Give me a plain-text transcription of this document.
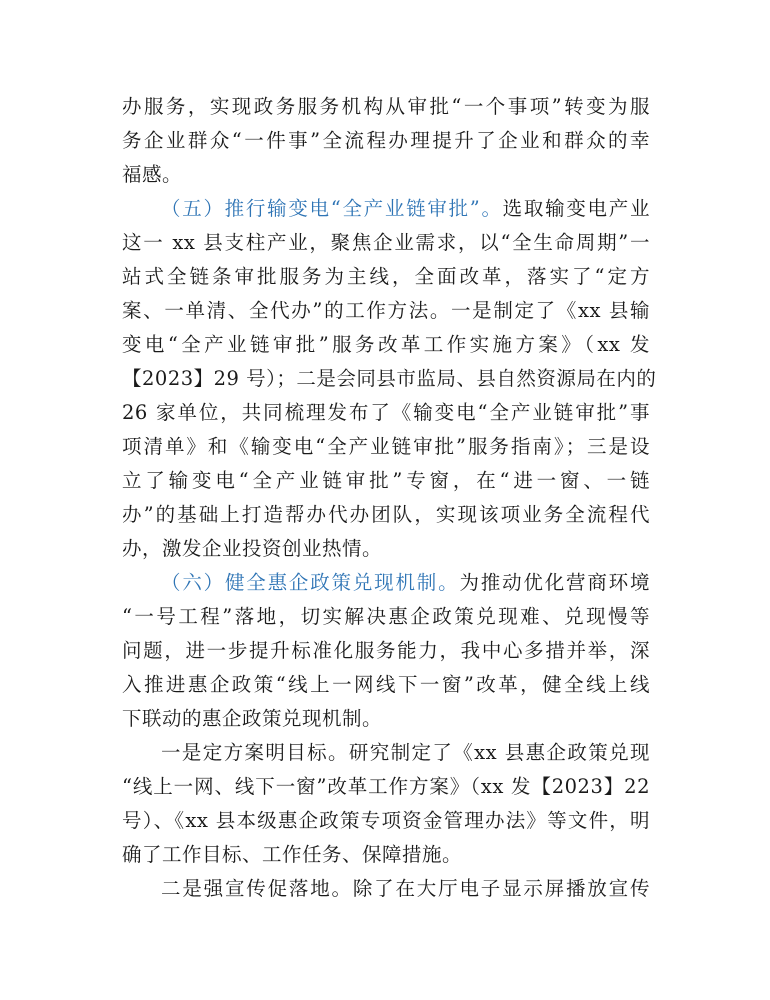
办服务，实现政务服务机构从审批“一个事项”转变为服
务企业群众“一件事”全流程办理提升了企业和群众的幸
福感。
（五）推行输变电“全产业链审批”。选取输变电产业
这一 xx 县支柱产业，聚焦企业需求，以“全生命周期”一
站式全链条审批服务为主线，全面改革，落实了“定方
案、一单清、全代办”的工作方法。一是制定了《xx 县输
变电“全产业链审批”服务改革工作实施方案》（xx 发
【2023】29 号）；二是会同县市监局、县自然资源局在内的
26 家单位，共同梳理发布了《输变电“全产业链审批”事
项清单》和《输变电“全产业链审批”服务指南》；三是设
立了输变电“全产业链审批”专窗，在“进一窗、一链
办”的基础上打造帮办代办团队，实现该项业务全流程代
办，激发企业投资创业热情。
（六）健全惠企政策兑现机制。为推动优化营商环境
“一号工程”落地，切实解决惠企政策兑现难、兑现慢等
问题，进一步提升标准化服务能力，我中心多措并举，深
入推进惠企政策“线上一网线下一窗”改革，健全线上线
下联动的惠企政策兑现机制。
一是定方案明目标。研究制定了《xx 县惠企政策兑现
“线上一网、线下一窗”改革工作方案》（xx 发【2023】22
号）、《xx 县本级惠企政策专项资金管理办法》等文件，明
确了工作目标、工作任务、保障措施。
二是强宣传促落地。除了在大厅电子显示屏播放宣传
